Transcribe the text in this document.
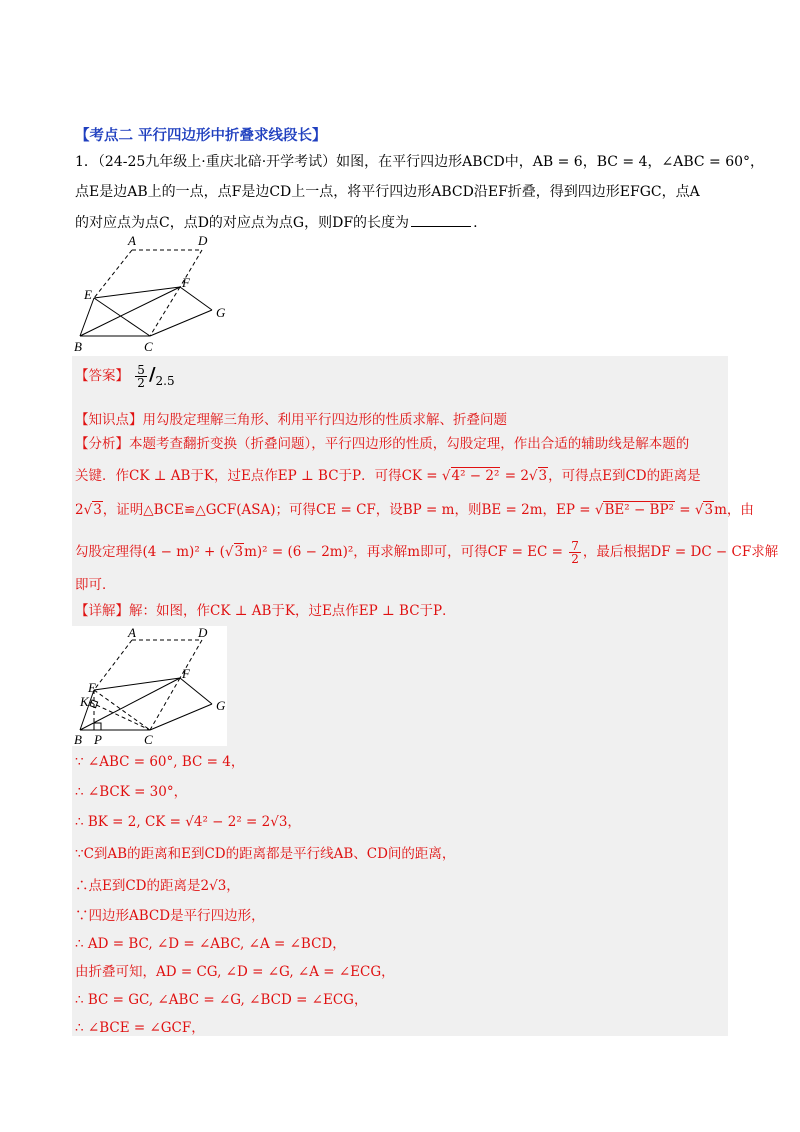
【考点二 平行四边形中折叠求线段长】
1．（24-25九年级上·重庆北碚·开学考试）如图，在平行四边形ABCD中，AB = 6，BC = 4，∠ABC = 60°，
点E是边AB上的一点，点F是边CD上一点，将平行四边形ABCD沿EF折叠，得到四边形EFGC，点A
的对应点为点C，点D的对应点为点G，则DF的长度为	.
A	D
E
F
G
B	C
【答案】 $\frac{5}{2} /2.5$
【知识点】用勾股定理解三角形、利用平行四边形的性质求解、折叠问题
【分析】本题考查翻折变换（折叠问题），平行四边形的性质，勾股定理，作出合适的辅助线是解本题的
关键．作CK ⊥ AB于K，过E点作EP ⊥ BC于P．可得CK = √4² − 2² = 2√3，可得点E到CD的距离是
2√3，证明△BCE≌△GCF(ASA)；可得CE = CF，设BP = m，则BE = 2m，EP = √BE² − BP² = √3m，由
勾股定理得(4 − m)² + (√3m)² = (6 − 2m)²，再求解m即可，可得CF = EC = $\frac{7}{2}$ ，最后根据DF = DC − CF求解
即可．
【详解】解：如图，作CK ⊥ AB于K，过E点作EP ⊥ BC于P．
A	D
E
K
F
G
B P	C
∵ ∠ABC = 60°, BC = 4，
∴ ∠BCK = 30°，
∴ BK = 2, CK = √4² − 2² = 2√3，
∵C到AB的距离和E到CD的距离都是平行线AB、CD间的距离，
∴点E到CD的距离是2√3，
∵四边形ABCD是平行四边形，
∴ AD = BC, ∠D = ∠ABC, ∠A = ∠BCD，
由折叠可知，AD = CG, ∠D = ∠G, ∠A = ∠ECG，
∴ BC = GC, ∠ABC = ∠G, ∠BCD = ∠ECG，
∴ ∠BCE = ∠GCF，
